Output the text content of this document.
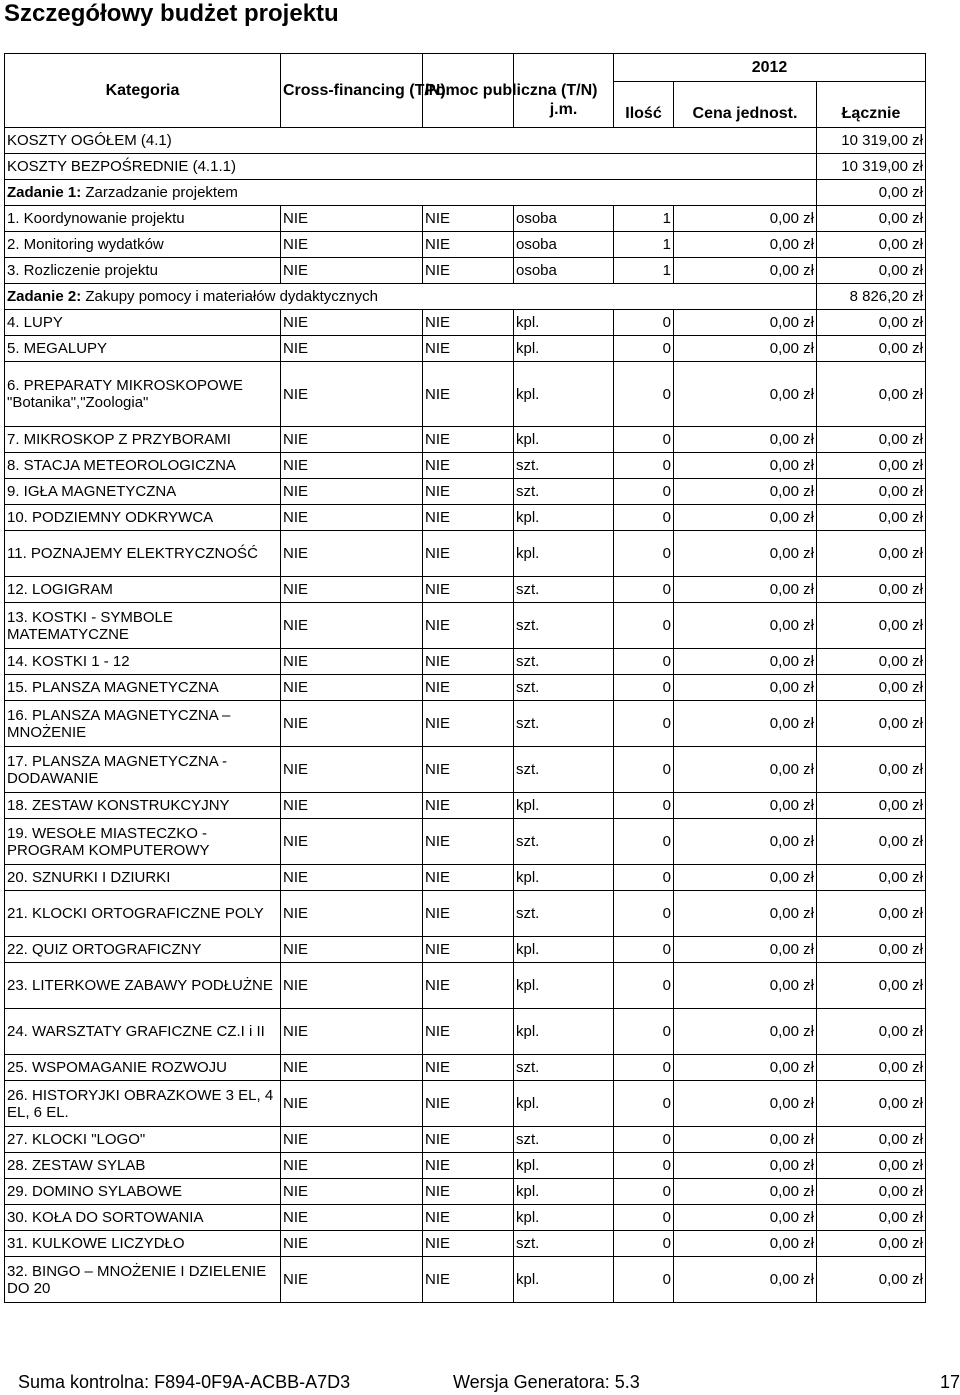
Szczegółowy budżet projektu
Kategoria	Cross-financing (T/N)	Pomoc publiczna (T/N)	j.m.	2012		
				Ilość	Cena jednost.	Łącznie
KOSZTY OGÓŁEM (4.1)						10 319,00 zł
KOSZTY BEZPOŚREDNIE (4.1.1)						10 319,00 zł
Zadanie 1: Zarzadzanie projektem						0,00 zł
1. Koordynowanie projektu	NIE	NIE	osoba	1	0,00 zł	0,00 zł
2. Monitoring wydatków	NIE	NIE	osoba	1	0,00 zł	0,00 zł
3. Rozliczenie projektu	NIE	NIE	osoba	1	0,00 zł	0,00 zł
Zadanie 2: Zakupy pomocy i materiałów dydaktycznych						8 826,20 zł
4. LUPY	NIE	NIE	kpl.	0	0,00 zł	0,00 zł
5. MEGALUPY	NIE	NIE	kpl.	0	0,00 zł	0,00 zł
6. PREPARATY MIKROSKOPOWE "Botanika","Zoologia"	NIE	NIE	kpl.	0	0,00 zł	0,00 zł
7. MIKROSKOP Z PRZYBORAMI	NIE	NIE	kpl.	0	0,00 zł	0,00 zł
8. STACJA METEOROLOGICZNA	NIE	NIE	szt.	0	0,00 zł	0,00 zł
9. IGŁA MAGNETYCZNA	NIE	NIE	szt.	0	0,00 zł	0,00 zł
10. PODZIEMNY ODKRYWCA	NIE	NIE	kpl.	0	0,00 zł	0,00 zł
11. POZNAJEMY ELEKTRYCZNOŚĆ	NIE	NIE	kpl.	0	0,00 zł	0,00 zł
12. LOGIGRAM	NIE	NIE	szt.	0	0,00 zł	0,00 zł
13. KOSTKI - SYMBOLE MATEMATYCZNE	NIE	NIE	szt.	0	0,00 zł	0,00 zł
14. KOSTKI 1 - 12	NIE	NIE	szt.	0	0,00 zł	0,00 zł
15. PLANSZA MAGNETYCZNA	NIE	NIE	szt.	0	0,00 zł	0,00 zł
16. PLANSZA MAGNETYCZNA – MNOŻENIE	NIE	NIE	szt.	0	0,00 zł	0,00 zł
17. PLANSZA MAGNETYCZNA - DODAWANIE	NIE	NIE	szt.	0	0,00 zł	0,00 zł
18. ZESTAW KONSTRUKCYJNY	NIE	NIE	kpl.	0	0,00 zł	0,00 zł
19. WESOŁE MIASTECZKO - PROGRAM KOMPUTEROWY	NIE	NIE	szt.	0	0,00 zł	0,00 zł
20. SZNURKI I DZIURKI	NIE	NIE	kpl.	0	0,00 zł	0,00 zł
21. KLOCKI ORTOGRAFICZNE POLY	NIE	NIE	szt.	0	0,00 zł	0,00 zł
22. QUIZ ORTOGRAFICZNY	NIE	NIE	kpl.	0	0,00 zł	0,00 zł
23. LITERKOWE ZABAWY PODŁUŻNE	NIE	NIE	kpl.	0	0,00 zł	0,00 zł
24. WARSZTATY GRAFICZNE CZ.I i II	NIE	NIE	kpl.	0	0,00 zł	0,00 zł
25. WSPOMAGANIE ROZWOJU	NIE	NIE	szt.	0	0,00 zł	0,00 zł
26. HISTORYJKI OBRAZKOWE 3 EL, 4 EL, 6 EL.	NIE	NIE	kpl.	0	0,00 zł	0,00 zł
27. KLOCKI "LOGO"	NIE	NIE	szt.	0	0,00 zł	0,00 zł
28. ZESTAW SYLAB	NIE	NIE	kpl.	0	0,00 zł	0,00 zł
29. DOMINO SYLABOWE	NIE	NIE	kpl.	0	0,00 zł	0,00 zł
30. KOŁA DO SORTOWANIA	NIE	NIE	kpl.	0	0,00 zł	0,00 zł
31. KULKOWE LICZYDŁO	NIE	NIE	szt.	0	0,00 zł	0,00 zł
32. BINGO – MNOŻENIE I DZIELENIE DO 20	NIE	NIE	kpl.	0	0,00 zł	0,00 zł
Suma kontrolna: F894-0F9A-ACBB-A7D3	Wersja Generatora: 5.3	17
